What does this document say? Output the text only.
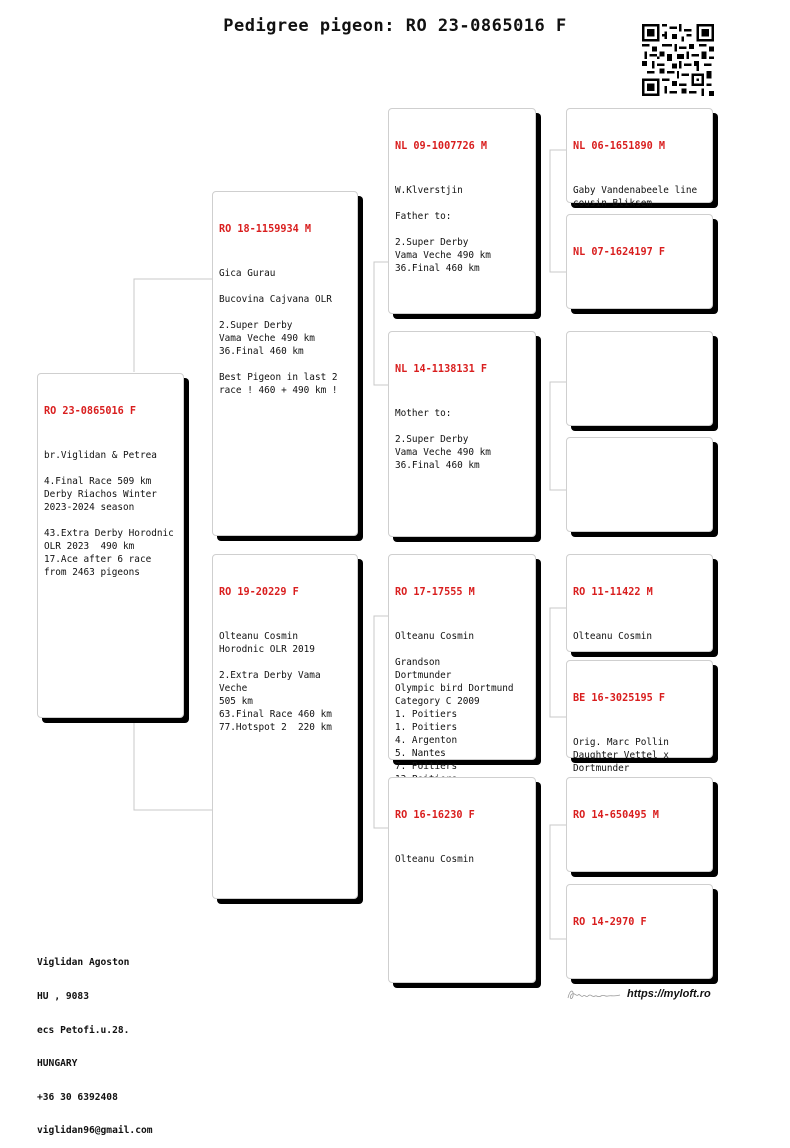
Pedigree pigeon: RO 23-0865016 F

RO 23-0865016 F

br.Viglidan & Petrea

4.Final Race 509 km
Derby Riachos Winter
2023-2024 season

43.Extra Derby Horodnic
OLR 2023  490 km
17.Ace after 6 race
from 2463 pigeons

RO 18-1159934 M

Gica Gurau

Bucovina Cajvana OLR

2.Super Derby
Vama Veche 490 km
36.Final 460 km

Best Pigeon in last 2
race ! 460 + 490 km !

RO 19-20229 F

Olteanu Cosmin
Horodnic OLR 2019

2.Extra Derby Vama Veche
505 km
63.Final Race 460 km
77.Hotspot 2  220 km

NL 09-1007726 M

W.Klverstjin

Father to:

2.Super Derby
Vama Veche 490 km
36.Final 460 km

NL 14-1138131 F

Mother to:

2.Super Derby
Vama Veche 490 km
36.Final 460 km

RO 17-17555 M

Olteanu Cosmin

Grandson
Dortmunder
Olympic bird Dortmund
Category C 2009
1. Poitiers
1. Poitiers
4. Argenton
5. Nantes
7. Poitiers

RO 16-16230 F

Olteanu Cosmin

NL 06-1651890 M

Gaby Vandenabeele line
cousin Bliksem

NL 07-1624197 F

RO 11-11422 M

Olteanu Cosmin

BE 16-3025195 F

Orig. Marc Pollin
Daughter Vettel x
Dortmunder

RO 14-650495 M

RO 14-2970 F

Viglidan Agoston

HU , 9083

ecs Petofi.u.28.

HUNGARY

+36 30 6392408

viglidan96@gmail.com

https://myloft.ro
